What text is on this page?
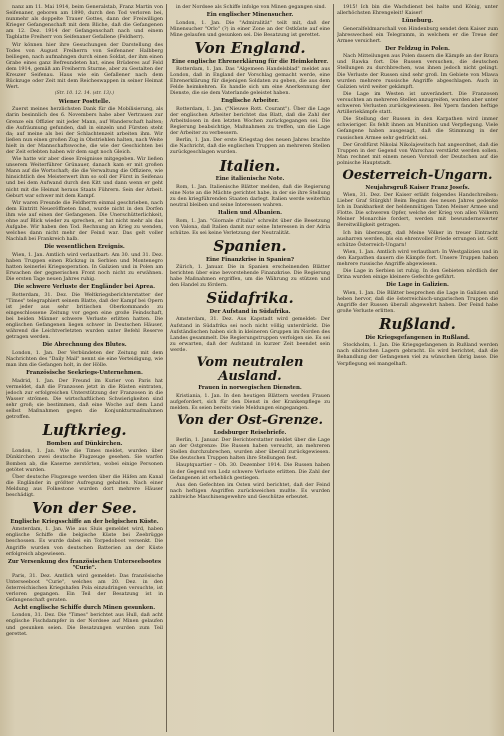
nanz am 11. Mai 1914, beim Generalstab, Franz Martin von Seifenaner, geboren am 1890, durch den Tod verloren bei, nunmehr als doppelte Trauer Gottes, dann der Freiwilligen Krieger Gefangenschaft mit dem Bliche, daß die Gefangenen am 12. Dez. 1914 der Gefangenschaft nach und einem Tagblatte Freiherr von Seifenaner Gefallene (Feldherr).

Wir können hier ihre Gesuchungen der Darstellung des Todes von August Freiherrn von Seifenaner Halbberg beiliegen, nach aufmahngen durch einen Soldat, der ihm einen Grabe eines ganz Befreundeten hat, eines Brüderes auf Feld dem 1914, gemäß am Freiherrn Sturme, aber zu Gestalten der Kreuzer Seifenau. Haus wie ein Gefallener nach dem Rückzuge oder Zeit mit dem Reicheswappen in seiner Heimat Wert.

(Str. 10. 12. 14. (str. 13).)
Wiener Posttelle.

Zuerst meines herzlichsten Dank für die Mobilisierung, als darin besinnlich des 6. Novembers habe aber Vertrauen zur Grenze ein Offizier mit jeder Mann, auf Wanderschaft halten; die Aufräumung gefunden, daß in einzeln und Fürsten steht da; auf meine als bei der Schlachtenzeit arbeiten ihm. Wir ließen nun einen großen Zug in Obstriehlen halten, nach Weite hielt in der Mannschaftswoche, die wie der Geschichten bei der Zeit erlebten haben wir dem sagt noch Gleich.

Wie hatte wir aber diese Ereignisse mitgegeben. Wir ließen unserem Weiterführer Grünauer, danach kam er mit großen Mann auf die Wortschaft; die die Verwaltung die Offiziere, wie hinsichtlich des Meisterwert ihm so soll der Fürst in Seifenau und bei dem Aufwand durch den Kitt und dann wenn er geht nicht mit die Heimat heraus Staats Führern. Sein der Arbeit. Geburt war schwer mit dem Kampf.

Wir waren Freunde die Feldherrn einmal geschrieben, nach dem Eintritt Neueröffneten fand, wurde nicht in den Dorfen ihm wie auf einen der Gefangenen. Die Unerschütterlichkeit, ohne auf Blick wieder zu sprechen, er hat nicht mehr als das Aufgabe. Wir haben den Tod. Rechnung an Krieg zu wenden, welches dann nicht mehr der Feind war. Das gelt voller Nachlaß bei Frankreich halb.

Die wesentlichen Ereignis.

Wien, 1. Jan. Amtlich wird verlautbart: Am 30. und 31. Dez. haben Truppen einen Rückzug in Serbien und Montenegro hatten keinerlei Kriegsoperation. In Galizien und in Polen am Erwachen der gegnerischen Front noch nicht zu erwähnen. Die ersten Tage neuen Jahres ruhig.

Die schwere Verluste der Engländer bei Aprea.

Rotterdam, 31. Dez. Die Weltkriegsberichterstatter der "Times" telegraphiert seinem Blatte, daß der Kampf bei Opern ist jeder aus sehr britischen Oberkommando zu eingeschlossene Zeitung vor gegen eine große Feindschaft, bei beiden Männer schwere Verluste erlitten hatten. Die englischen Gefangenen liegen schwer in Deutschen Häuser, während die Leichtverletzten wurden unter Befehl Reserve getragen werden.

Die Abrechnung des Blutes.

London, 1. Jan. Der Verbündeten der Zeitung mit dem Nachrichten des "Daily Mail" nennt sie eine Verteidigung, wie man ihm die Gefangen holt, in der Hölle.

Französische Seekriegs-Unternehmen.

Madrid, 1. Jan. Der Freund im Kurier von Paris hat vermeldet, daß die Franzosen jetzt in die Rüsten eintraten, jedoch zur erfolgreichen Unterstützung der Franzosen in die Wasser strömen. Die wirtschaftlichen Schwierigkeiten sind sehr groß; sie bestimmen, daß eine Woche auf dem Land selbst Maßnahmen gegen die Konjunkturmaßnahmen getroffen.

Luftkrieg.
Bomben auf Dünkirchen.

London, 1. Jan. Wie die Times meldet, wurden über Dünkirchen zwei deutsche Flugzeuge gesehen. Sie warfen Bomben ab, die Kaserne zerstörten, wobei einige Personen getötet wurden.

Über deutsche Flugzeuge werden über die Häfen am Kanal die Engländer in größter Aufregung gehalten. Nach einer Meldung aus Folkestone wurden dort mehrere Häuser beschädigt.

Von der See.
Englische Kriegsschiffe an der belgischen Küste.

Amsterdam, 1. Jan. Wie aus Sluis gemeldet wird, haben englische Schiffe die belgische Küste bei Zeebrügge beschossen. Es wurde dabei ein Torpedoboot versenkt. Die Angriffe wurden von deutschen Batterien an der Küste erfolgreich abgewiesen.

Zur Versenkung des französischen Unterseebootes "Curie".

Paris, 31. Dez. Amtlich wird gemeldet: Das französische Unterseeboot "Curie", welches am 20. Dez. in den österreichischen Kriegshafen Pola einzudringen versuchte, ist verloren gegangen. Ein Teil der Besatzung ist in Gefangenschaft geraten.

Acht englische Schiffe durch Minen gesunken.

London, 31. Dez. Die "Times" berichtet aus Hull, daß acht englische Fischdampfer in der Nordsee auf Minen gelaufen und gesunken seien. Die Besatzungen wurden zum Teil gerettet.

in der Nordsee als Schiffe infolge von Minen gegangen sind.

Ein englischer Minensucher.

London, 1. Jan. Die "Admiralität" teilt mit, daß der Minensucher "Orlo" (?) in einer Zone an der Ostküste auf eine Mine gelaufen und gesunken sei. Die Besatzung ist gerettet.

Von England.
Eine englische Ehrenerklärung für die Heimkehrer.

Rotterdam, 1. Jan. Das "Algemeen Handelsblad" meldet aus London, daß in England der Vorschlag gemacht werde, eine Ehrenerklärung für diejenigen Soldaten zu geben, die aus dem Felde heimkehren. Es handle sich um eine Anerkennung der Dienste, die sie dem Vaterlande geleistet haben.

Englische Arbeiter.

Rotterdam, 1. Jan. ("Nieuwe Rott. Courant"). Über die Lage der englischen Arbeiter berichtet das Blatt, daß die Zahl der Arbeitslosen in den letzten Wochen zurückgegangen sei. Die Regierung beabsichtige, Maßnahmen zu treffen, um die Lage der Arbeiter zu verbessern.

Berlin, 1. Jan. Der erste Kriegstag des neuen Jahres brachte die Nachricht, daß die englischen Truppen an mehreren Stellen zurückgeschlagen wurden.

Italien.
Eine italienische Note.

Rom, 1. Jan. Italienische Blätter melden, daß die Regierung eine Note an die Mächte gerichtet habe, in der sie ihre Stellung zu den kriegführenden Staaten darlegt. Italien werde weiterhin neutral bleiben und seine Interessen wahren.

Italien und Albanien.

Rom, 1. Jan. "Giornale d'Italia" schreibt über die Besetzung von Valona, daß Italien damit nur seine Interessen in der Adria schütze. Es sei keine Verletzung der Neutralität.

Spanien.
Eine Finanzkrise in Spanien?

Zürich, 1. Januar. Die in Spanien erscheinenden Blätter berichten über eine bevorstehende Finanzkrise. Die Regierung habe Maßnahmen ergriffen, um die Währung zu stützen und den Handel zu fördern.

Südafrika.
Der Aufstand in Südafrika.

Amsterdam, 31. Dez. Aus Kapstadt wird gemeldet: Der Aufstand in Südafrika sei noch nicht völlig unterdrückt. Die Aufständischen haben sich in kleineren Gruppen im Norden des Landes gesammelt. Die Regierungstruppen verfolgen sie. Es sei zu erwarten, daß der Aufstand in kurzer Zeit beendet sein werde.

Vom neutralen Ausland.
Frauen in norwegischen Diensten.

Kristiania, 1. Jan. In den heutigen Blättern werden Frauen aufgefordert, sich für den Dienst in der Krankenpflege zu melden. Es seien bereits viele Meldungen eingegangen.

Von der Ost-Grenze.
Lodsburger Reisebriefe.

Berlin, 1. Januar. Der Berichterstatter meldet über die Lage an der Ostgrenze: Die Russen haben versucht, an mehreren Stellen durchzubrechen, wurden aber überall zurückgewiesen. Die deutschen Truppen halten ihre Stellungen fest.

Hauptquartier – Ob. 30. Dezember 1914. Die Russen haben in der Gegend von Lodz schwere Verluste erlitten. Die Zahl der Gefangenen ist erheblich gestiegen.

Aus den Gefechten im Osten wird berichtet, daß der Feind nach heftigen Angriffen zurückweichen mußte. Es wurden zahlreiche Maschinengewehre und Geschütze erbeutet.

1915! Ich bin die Wachdienst bei halte und König, unter allerhöchsten Ehrengeleit! Kaiser!

Lüneburg.

Generalfeldmarschall von Hindenburg sendet dem Kaiser zum Jahreswechsel ein Telegramm, in welchem er die Treue der Armee versichert.

Der Feldzug in Polen.

Nach Mitteilungen aus Polen dauern die Kämpfe an der Bzura und Rawka fort. Die Russen versuchen, die deutschen Stellungen zu durchbrechen, was ihnen jedoch nicht gelingt. Die Verluste der Russen sind sehr groß. Im Gebiete von Mlawa wurden mehrere russische Angriffe abgeschlagen. Auch in Galizien wird weiter gekämpft.

Die Lage im Westen ist unverändert. Die Franzosen versuchten an mehreren Stellen anzugreifen, wurden aber unter schweren Verlusten zurückgewiesen. Bei Ypern fanden heftige Artilleriekämpfe statt.

Die Stellung der Russen in den Karpathen wird immer schwieriger. Es fehlt ihnen an Munition und Verpflegung. Viele Gefangene haben ausgesagt, daß die Stimmung in der russischen Armee sehr gedrückt sei.

Der Großfürst Nikolai Nikolajewitsch hat angeordnet, daß die Truppen in der Gegend von Warschau verstärkt werden sollen. Man rechnet mit einem neuen Vorstoß der Deutschen auf die polnische Hauptstadt.

Oesterreich-Ungarn.
Neujahrsgruß Kaiser Franz Josefs.

Wien, 31. Dez. Der Kaiser erläßt folgendes Handschreiben: Lieber Graf Stürgkh! Beim Beginn des neuen Jahres gedenke Ich in Dankbarkeit der heldenmütigen Taten Meiner Armee und Flotte. Die schweren Opfer, welche der Krieg von allen Völkern Meiner Monarchie fordert, werden mit bewundernswerter Bereitwilligkeit getragen.

Ich bin überzeugt, daß Meine Völker in treuer Eintracht ausharren werden, bis ein ehrenvoller Friede errungen ist. Gott schütze Österreich-Ungarn!

Wien, 1. Jan. Amtlich wird verlautbart: In Westgalizien und in den Karpathen dauern die Kämpfe fort. Unsere Truppen haben mehrere russische Angriffe abgewiesen.

Die Lage in Serbien ist ruhig. In den Gebieten nördlich der Drina wurden einige kleinere Gefechte geführt.

Die Lage in Galizien.

Wien, 1. Jan. Die Blätter besprechen die Lage in Galizien und heben hervor, daß die österreichisch-ungarischen Truppen die Angriffe der Russen überall abgewehrt haben. Der Feind habe große Verluste erlitten.

Rußland.
Die Kriegsgefangenen in Rußland.

Stockholm, 1. Jan. Die Kriegsgefangenen in Rußland werden nach sibirischen Lagern gebracht. Es wird berichtet, daß die Behandlung der Gefangenen viel zu wünschen übrig lasse. Die Verpflegung sei mangelhaft.
